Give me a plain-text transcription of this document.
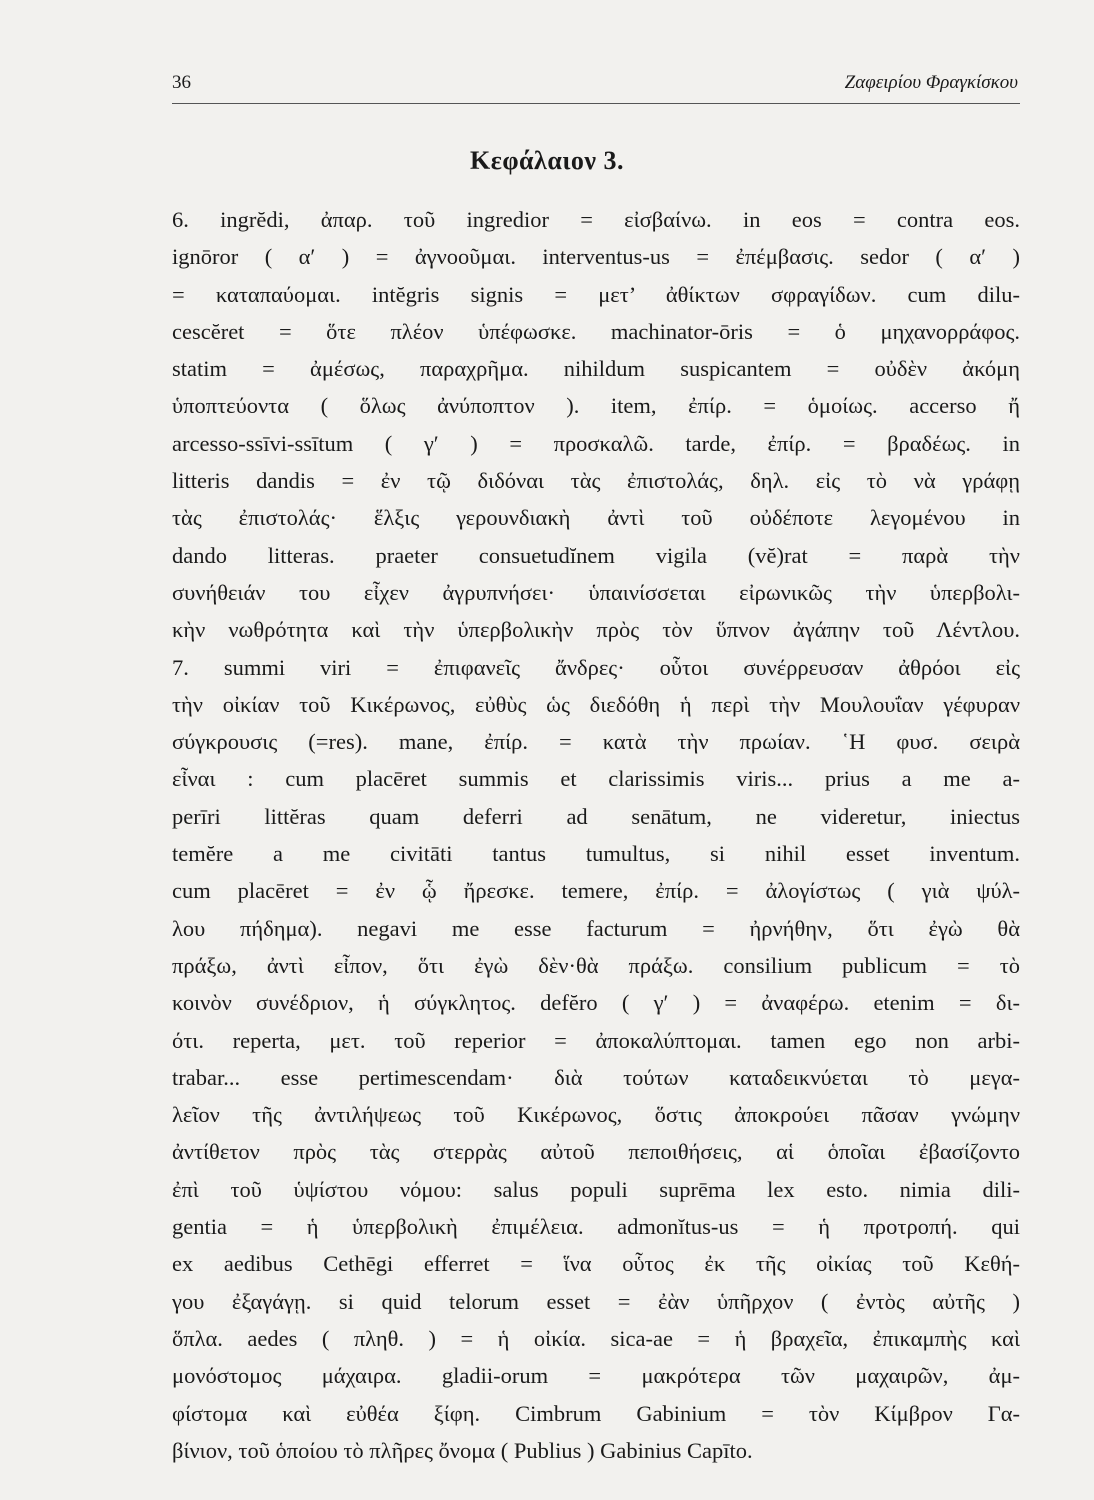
36	Ζαφειρίου Φραγκίσκου
Κεφάλαιον 3.
6. ingrĕdi, ἀπαρ. τοῦ ingredior = εἰσβαίνω. in eos = contra eos.
ignōror ( α′ ) = ἀγνοοῦμαι. interventus-us = ἐπέμβασις. sedor ( α′ )
= καταπαύομαι. intĕgris signis = μετ’ ἀθίκτων σφραγίδων. cum dilu-
cescĕret = ὅτε πλέον ὑπέφωσκε. machinator-ōris = ὁ μηχανορράφος.
statim = ἀμέσως, παραχρῆμα. nihildum suspicantem = οὐδὲν ἀκόμη
ὑποπτεύοντα ( ὅλως ἀνύποπτον ). item, ἐπίρ. = ὁμοίως. accerso ἤ
arcesso-ssīvi-ssītum ( γ′ ) = προσκαλῶ. tarde, ἐπίρ. = βραδέως. in
litteris dandis = ἐν τῷ διδόναι τὰς ἐπιστολάς, δηλ. εἰς τὸ νὰ γράφῃ
τὰς ἐπιστολάς· ἕλξις γερουνδιακὴ ἀντὶ τοῦ οὐδέποτε λεγομένου in
dando litteras. praeter consuetudĭnem vigila (vĕ)rat = παρὰ τὴν
συνήθειάν του εἶχεν ἀγρυπνήσει· ὑπαινίσσεται εἰρωνικῶς τὴν ὑπερβολι-
κὴν νωθρότητα καὶ τὴν ὑπερβολικὴν πρὸς τὸν ὕπνον ἀγάπην τοῦ Λέντλου.
7. summi viri = ἐπιφανεῖς ἄνδρες· οὗτοι συνέρρευσαν ἀθρόοι εἰς
τὴν οἰκίαν τοῦ Κικέρωνος, εὐθὺς ὡς διεδόθη ἡ περὶ τὴν Μουλουΐαν γέφυραν
σύγκρουσις (=res). mane, ἐπίρ. = κατὰ τὴν πρωίαν. ῾Η φυσ. σειρὰ
εἶναι : cum placēret summis et clarissimis viris... prius a me a-
perīri littĕras quam deferri ad senātum, ne videretur, iniectus
temĕre a me civitāti tantus tumultus, si nihil esset inventum.
cum placēret = ἐν ᾧ ἤρεσκε. temere, ἐπίρ. = ἀλογίστως ( γιὰ ψύλ-
λου πήδημα). negavi me esse facturum = ἠρνήθην, ὅτι ἐγὼ θὰ
πράξω, ἀντὶ εἶπον, ὅτι ἐγὼ δὲν·θὰ πράξω. consilium publicum = τὸ
κοινὸν συνέδριον, ἡ σύγκλητος. defĕro ( γ′ ) = ἀναφέρω. etenim = δι-
ότι. reperta, μετ. τοῦ reperior = ἀποκαλύπτομαι. tamen ego non arbi-
trabar... esse pertimescendam· διὰ τούτων καταδεικνύεται τὸ μεγα-
λεῖον τῆς ἀντιλήψεως τοῦ Κικέρωνος, ὅστις ἀποκρούει πᾶσαν γνώμην
ἀντίθετον πρὸς τὰς στερρὰς αὐτοῦ πεποιθήσεις, αἱ ὁποῖαι ἐβασίζοντο
ἐπὶ τοῦ ὑψίστου νόμου: salus populi suprēma lex esto. nimia dili-
gentia = ἡ ὑπερβολικὴ ἐπιμέλεια. admonĭtus-us = ἡ προτροπή. qui
ex aedibus Cethēgi efferret = ἵνα οὗτος ἐκ τῆς οἰκίας τοῦ Κεθή-
γου ἐξαγάγῃ. si quid telorum esset = ἐὰν ὑπῆρχον ( ἐντὸς αὐτῆς )
ὅπλα. aedes ( πληθ. ) = ἡ οἰκία. sica-ae = ἡ βραχεῖα, ἐπικαμπὴς καὶ
μονόστομος μάχαιρα. gladii-orum = μακρότερα τῶν μαχαιρῶν, ἀμ-
φίστομα καὶ εὐθέα ξίφη. Cimbrum Gabinium = τὸν Κίμβρον Γα-
βίνιον, τοῦ ὁποίου τὸ πλῆρες ὄνομα ( Publius ) Gabinius Capīto.
